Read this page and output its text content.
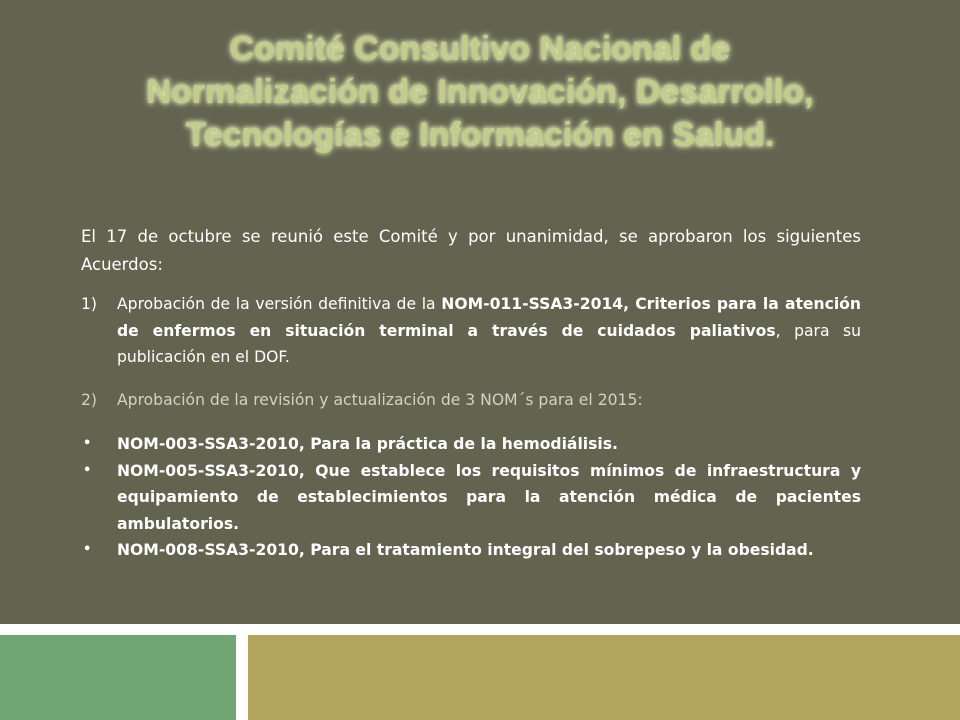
Comité Consultivo Nacional de
Normalización de Innovación, Desarrollo,
Tecnologías e Información en Salud.

El 17 de octubre se reunió este Comité y por unanimidad, se aprobaron los siguientes Acuerdos:

1) Aprobación de la versión definitiva de la NOM-011-SSA3-2014, Criterios para la atención de enfermos en situación terminal a través de cuidados paliativos, para su publicación en el DOF.
2) Aprobación de la revisión y actualización de 3 NOM´s para el 2015:
• NOM-003-SSA3-2010, Para la práctica de la hemodiálisis.
• NOM-005-SSA3-2010, Que establece los requisitos mínimos de infraestructura y equipamiento de establecimientos para la atención médica de pacientes ambulatorios.
• NOM-008-SSA3-2010, Para el tratamiento integral del sobrepeso y la obesidad.
